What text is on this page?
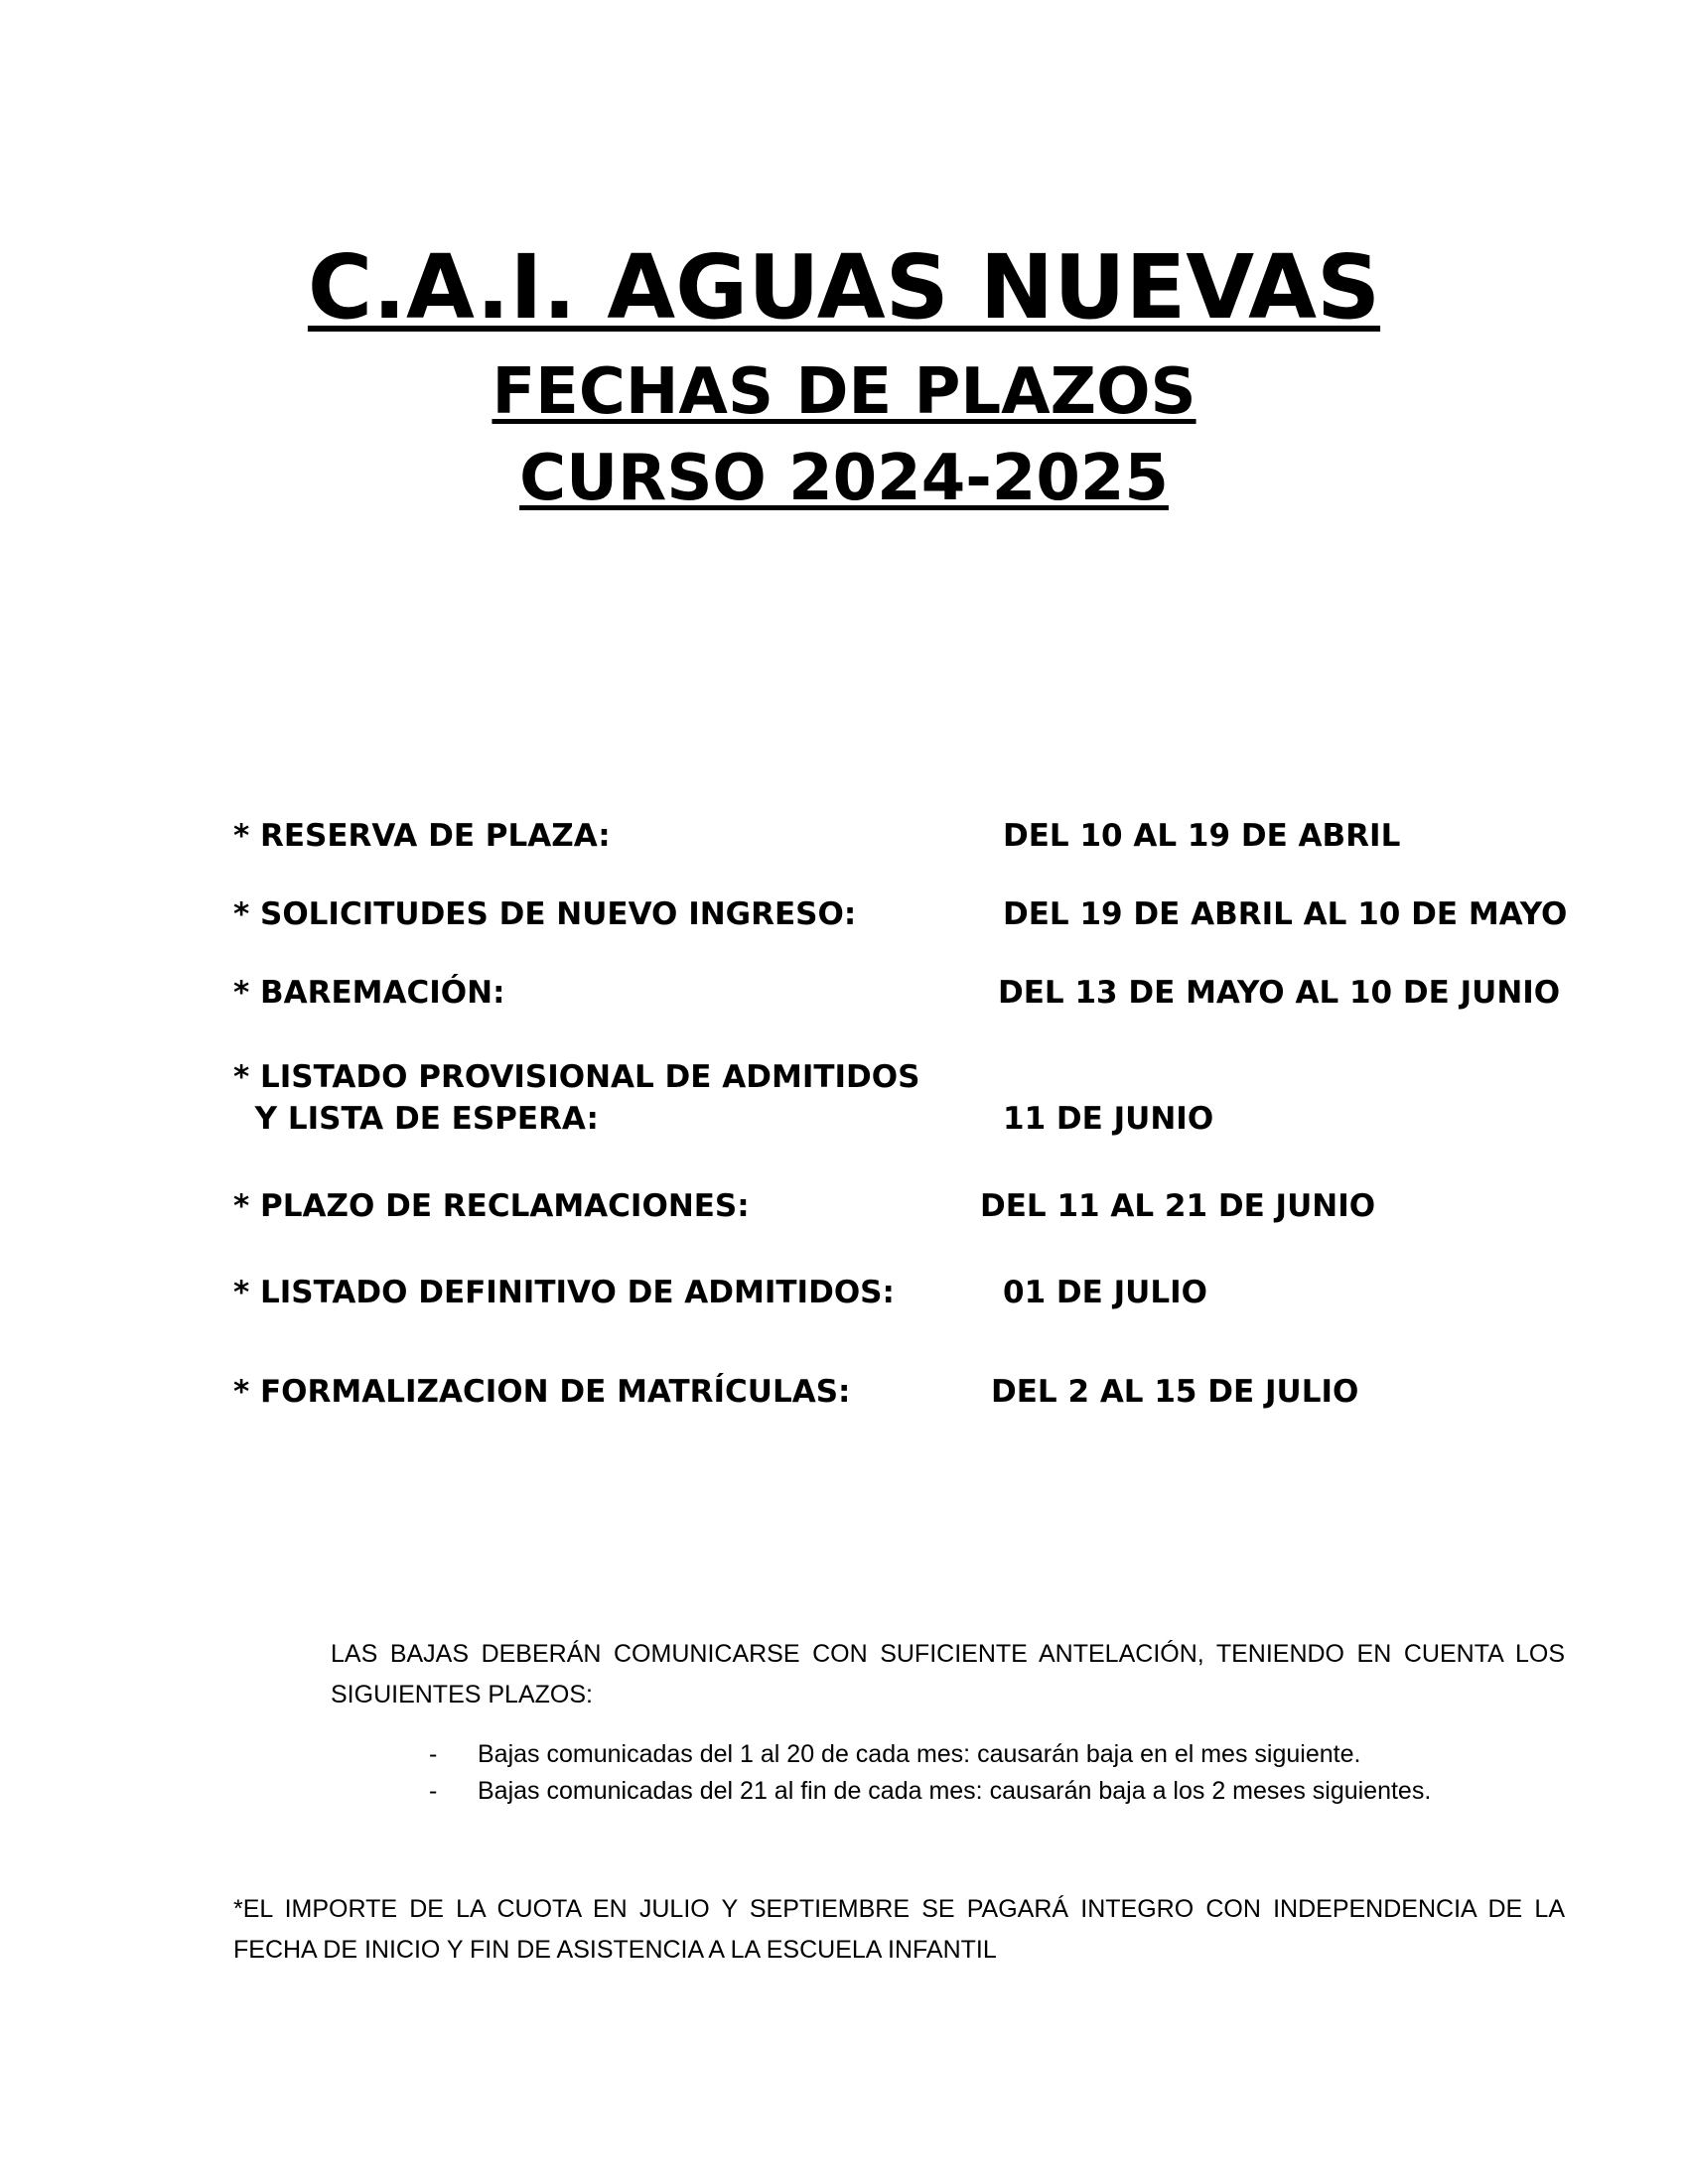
C.A.I. AGUAS NUEVAS
FECHAS DE PLAZOS
CURSO 2024-2025
* RESERVA DE PLAZA:	DEL 10 AL 19 DE ABRIL
* SOLICITUDES DE NUEVO INGRESO:	DEL 19 DE ABRIL AL 10 DE MAYO
* BAREMACIÓN:	DEL 13 DE MAYO AL 10 DE JUNIO
* LISTADO PROVISIONAL DE ADMITIDOS
Y LISTA DE ESPERA:	11 DE JUNIO
* PLAZO DE RECLAMACIONES:	DEL 11 AL 21 DE JUNIO
* LISTADO DEFINITIVO DE ADMITIDOS:	01 DE JULIO
* FORMALIZACION DE MATRÍCULAS:	DEL 2 AL 15 DE JULIO
LAS BAJAS DEBERÁN COMUNICARSE CON SUFICIENTE ANTELACIÓN, TENIENDO EN CUENTA LOS SIGUIENTES PLAZOS:
- Bajas comunicadas del 1 al 20 de cada mes: causarán baja en el mes siguiente.
- Bajas comunicadas del 21 al fin de cada mes: causarán baja a los 2 meses siguientes.
*EL IMPORTE DE LA CUOTA EN JULIO Y SEPTIEMBRE SE PAGARÁ INTEGRO CON INDEPENDENCIA DE LA FECHA DE INICIO Y FIN DE ASISTENCIA A LA ESCUELA INFANTIL
